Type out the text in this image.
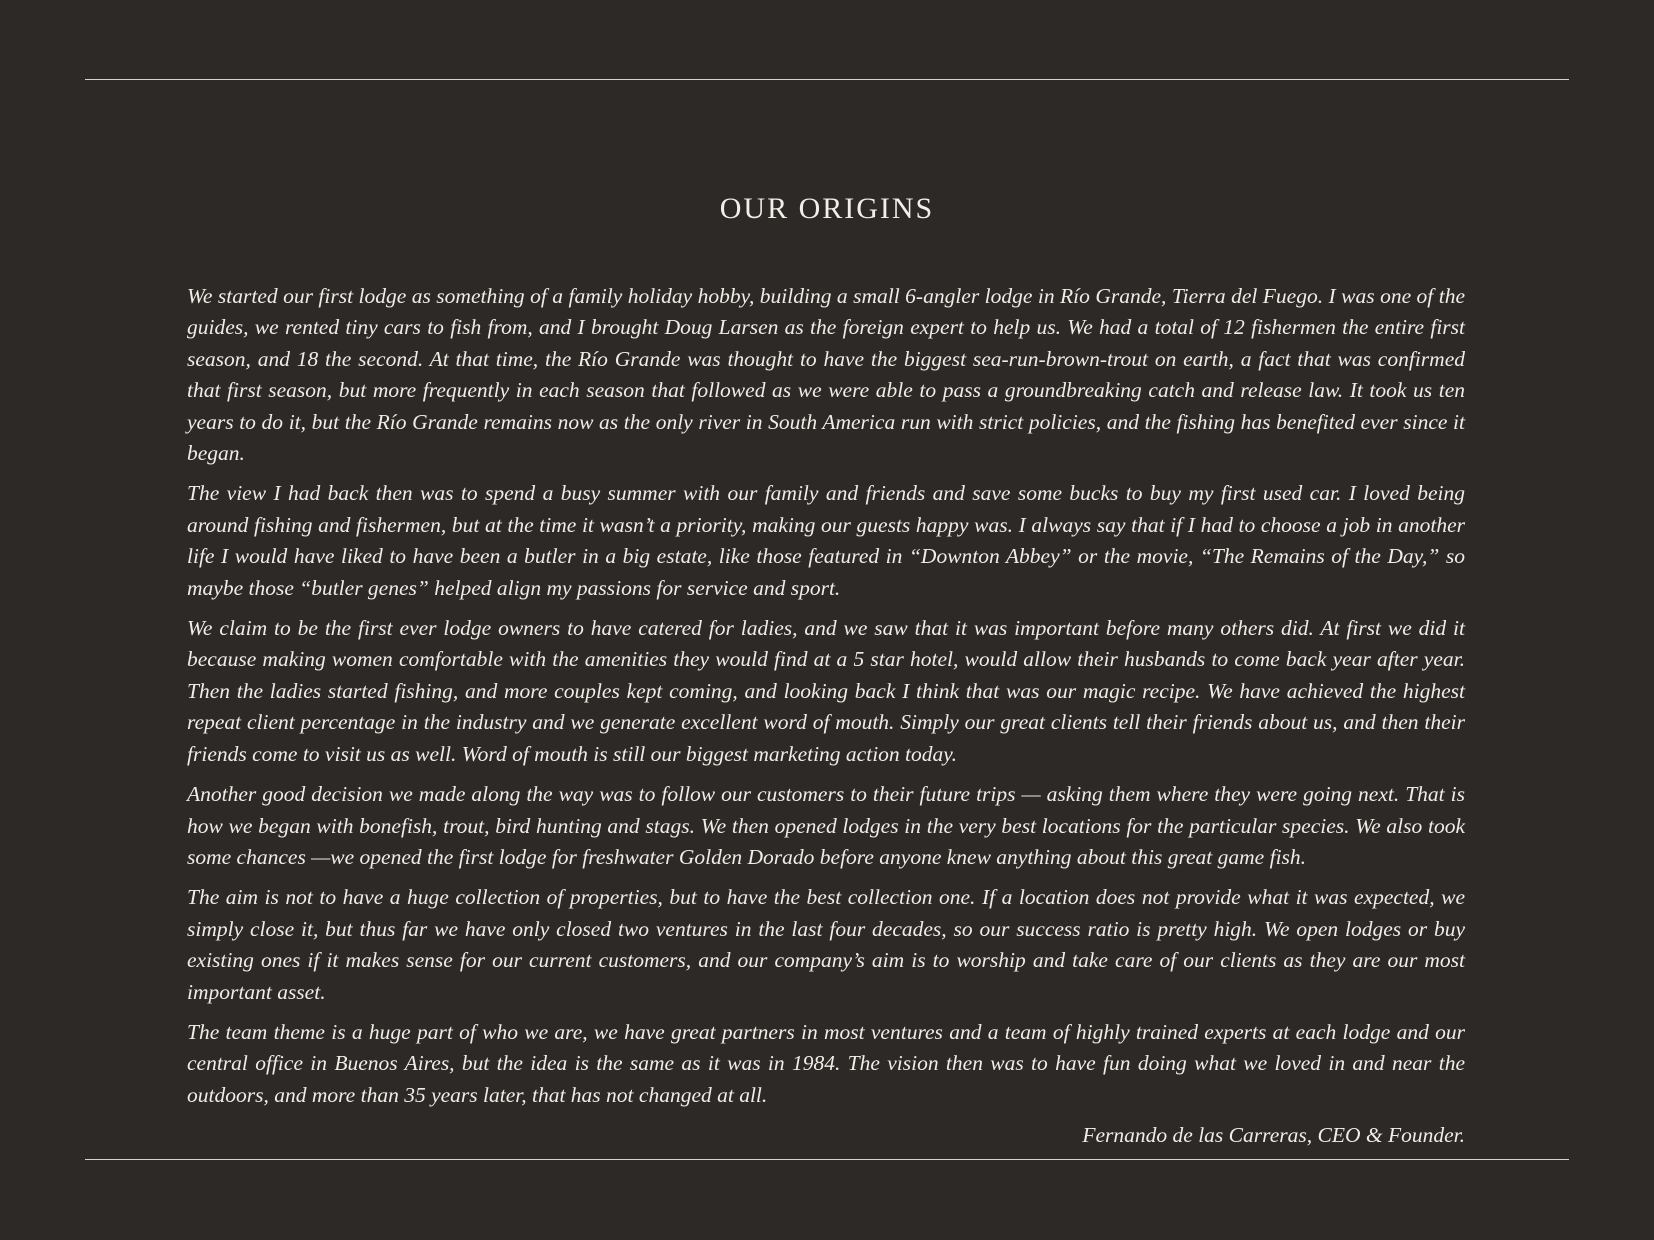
OUR ORIGINS

We started our first lodge as something of a family holiday hobby, building a small 6-angler lodge in Río Grande, Tierra del Fuego. I was one of the guides, we rented tiny cars to fish from, and I brought Doug Larsen as the foreign expert to help us. We had a total of 12 fishermen the entire first season, and 18 the second. At that time, the Río Grande was thought to have the biggest sea-run-brown-trout on earth, a fact that was confirmed that first season, but more frequently in each season that followed as we were able to pass a groundbreaking catch and release law. It took us ten years to do it, but the Río Grande remains now as the only river in South America run with strict policies, and the fishing has benefited ever since it began.

The view I had back then was to spend a busy summer with our family and friends and save some bucks to buy my first used car. I loved being around fishing and fishermen, but at the time it wasn’t a priority, making our guests happy was. I always say that if I had to choose a job in another life I would have liked to have been a butler in a big estate, like those featured in “Downton Abbey” or the movie, “The Remains of the Day,” so maybe those “butler genes” helped align my passions for service and sport.

We claim to be the first ever lodge owners to have catered for ladies, and we saw that it was important before many others did. At first we did it because making women comfortable with the amenities they would find at a 5 star hotel, would allow their husbands to come back year after year. Then the ladies started fishing, and more couples kept coming, and looking back I think that was our magic recipe. We have achieved the highest repeat client percentage in the industry and we generate excellent word of mouth. Simply our great clients tell their friends about us, and then their friends come to visit us as well. Word of mouth is still our biggest marketing action today.

Another good decision we made along the way was to follow our customers to their future trips — asking them where they were going next. That is how we began with bonefish, trout, bird hunting and stags. We then opened lodges in the very best locations for the particular species. We also took some chances —we opened the first lodge for freshwater Golden Dorado before anyone knew anything about this great game fish.

The aim is not to have a huge collection of properties, but to have the best collection one. If a location does not provide what it was expected, we simply close it, but thus far we have only closed two ventures in the last four decades, so our success ratio is pretty high. We open lodges or buy existing ones if it makes sense for our current customers, and our company’s aim is to worship and take care of our clients as they are our most important asset.

The team theme is a huge part of who we are, we have great partners in most ventures and a team of highly trained experts at each lodge and our central office in Buenos Aires, but the idea is the same as it was in 1984. The vision then was to have fun doing what we loved in and near the outdoors, and more than 35 years later, that has not changed at all.

Fernando de las Carreras, CEO & Founder.
